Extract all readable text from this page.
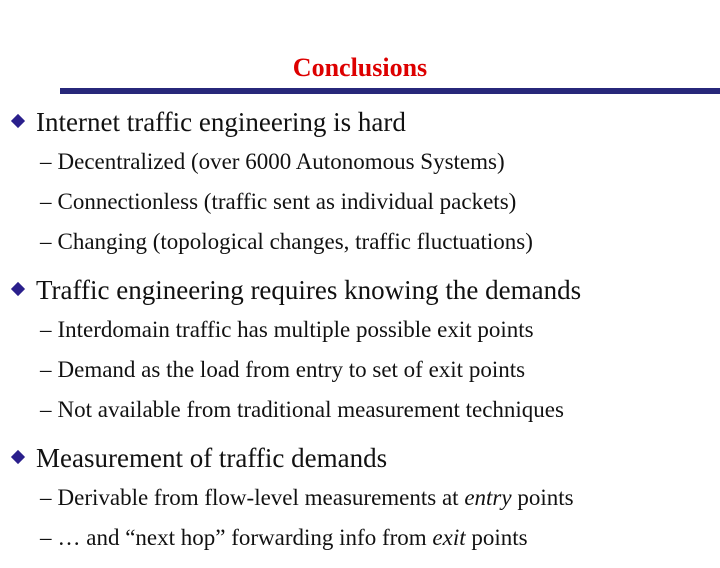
Conclusions
Internet traffic engineering is hard
– Decentralized (over 6000 Autonomous Systems)
– Connectionless (traffic sent as individual packets)
– Changing (topological changes, traffic fluctuations)
Traffic engineering requires knowing the demands
– Interdomain traffic has multiple possible exit points
– Demand as the load from entry to set of exit points
– Not available from traditional measurement techniques
Measurement of traffic demands
– Derivable from flow-level measurements at entry points
– … and “next hop” forwarding info from exit points
